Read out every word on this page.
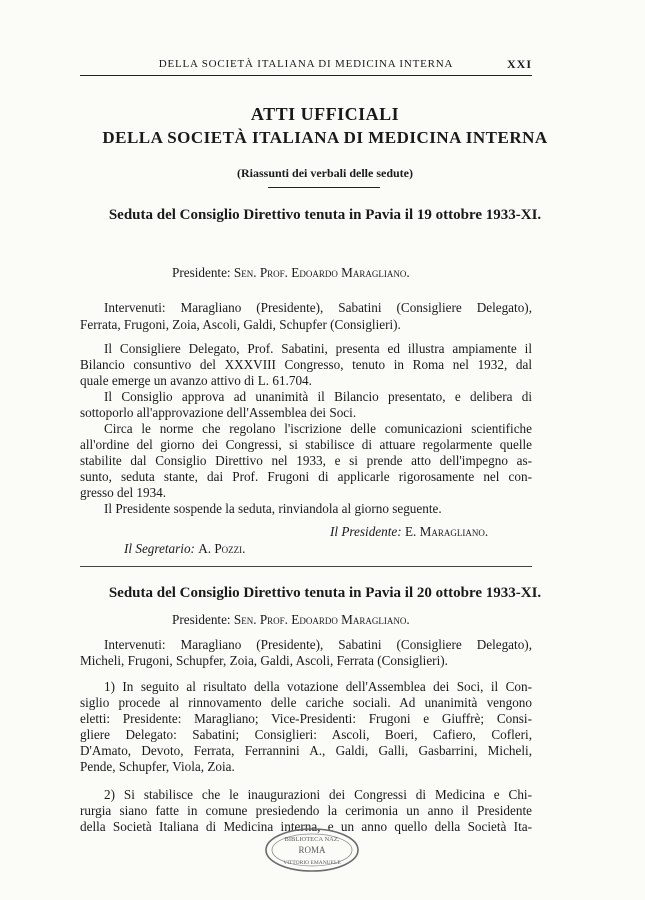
DELLA SOCIETÀ ITALIANA DI MEDICINA INTERNA	XXI
ATTI UFFICIALI
DELLA SOCIETÀ ITALIANA DI MEDICINA INTERNA
(Riassunti dei verbali delle sedute)
Seduta del Consiglio Direttivo tenuta in Pavia il 19 ottobre 1933-XI.
Presidente: Sen. Prof. Edoardo Maragliano.
Intervenuti: Maragliano (Presidente), Sabatini (Consigliere Delegato),
Ferrata, Frugoni, Zoia, Ascoli, Galdi, Schupfer (Consiglieri).
Il Consigliere Delegato, Prof. Sabatini, presenta ed illustra ampiamente il
Bilancio consuntivo del XXXVIII Congresso, tenuto in Roma nel 1932, dal
quale emerge un avanzo attivo di L. 61.704.
Il Consiglio approva ad unanimità il Bilancio presentato, e delibera di
sottoporlo all'approvazione dell'Assemblea dei Soci.
Circa le norme che regolano l'iscrizione delle comunicazioni scientifiche
all'ordine del giorno dei Congressi, si stabilisce di attuare regolarmente quelle
stabilite dal Consiglio Direttivo nel 1933, e si prende atto dell'impegno as-
sunto, seduta stante, dai Prof. Frugoni di applicarle rigorosamente nel con-
gresso del 1934.
Il Presidente sospende la seduta, rinviandola al giorno seguente.
Il Presidente: E. Maragliano.
Il Segretario: A. Pozzi.
Seduta del Consiglio Direttivo tenuta in Pavia il 20 ottobre 1933-XI.
Presidente: Sen. Prof. Edoardo Maragliano.
Intervenuti: Maragliano (Presidente), Sabatini (Consigliere Delegato),
Micheli, Frugoni, Schupfer, Zoia, Galdi, Ascoli, Ferrata (Consiglieri).
1) In seguito al risultato della votazione dell'Assemblea dei Soci, il Con-
siglio procede al rinnovamento delle cariche sociali. Ad unanimità vengono
eletti: Presidente: Maragliano; Vice-Presidenti: Frugoni e Giuffrè; Consi-
gliere Delegato: Sabatini; Consiglieri: Ascoli, Boeri, Cafiero, Cofleri,
D'Amato, Devoto, Ferrata, Ferrannini A., Galdi, Galli, Gasbarrini, Micheli,
Pende, Schupfer, Viola, Zoia.
2) Si stabilisce che le inaugurazioni dei Congressi di Medicina e Chi-
rurgia siano fatte in comune presiedendo la cerimonia un anno il Presidente
della Società Italiana di Medicina interna, e un anno quello della Società Ita-
BIBLIOTECA NAZ.
ROMA
VITTORIO EMANUELE
